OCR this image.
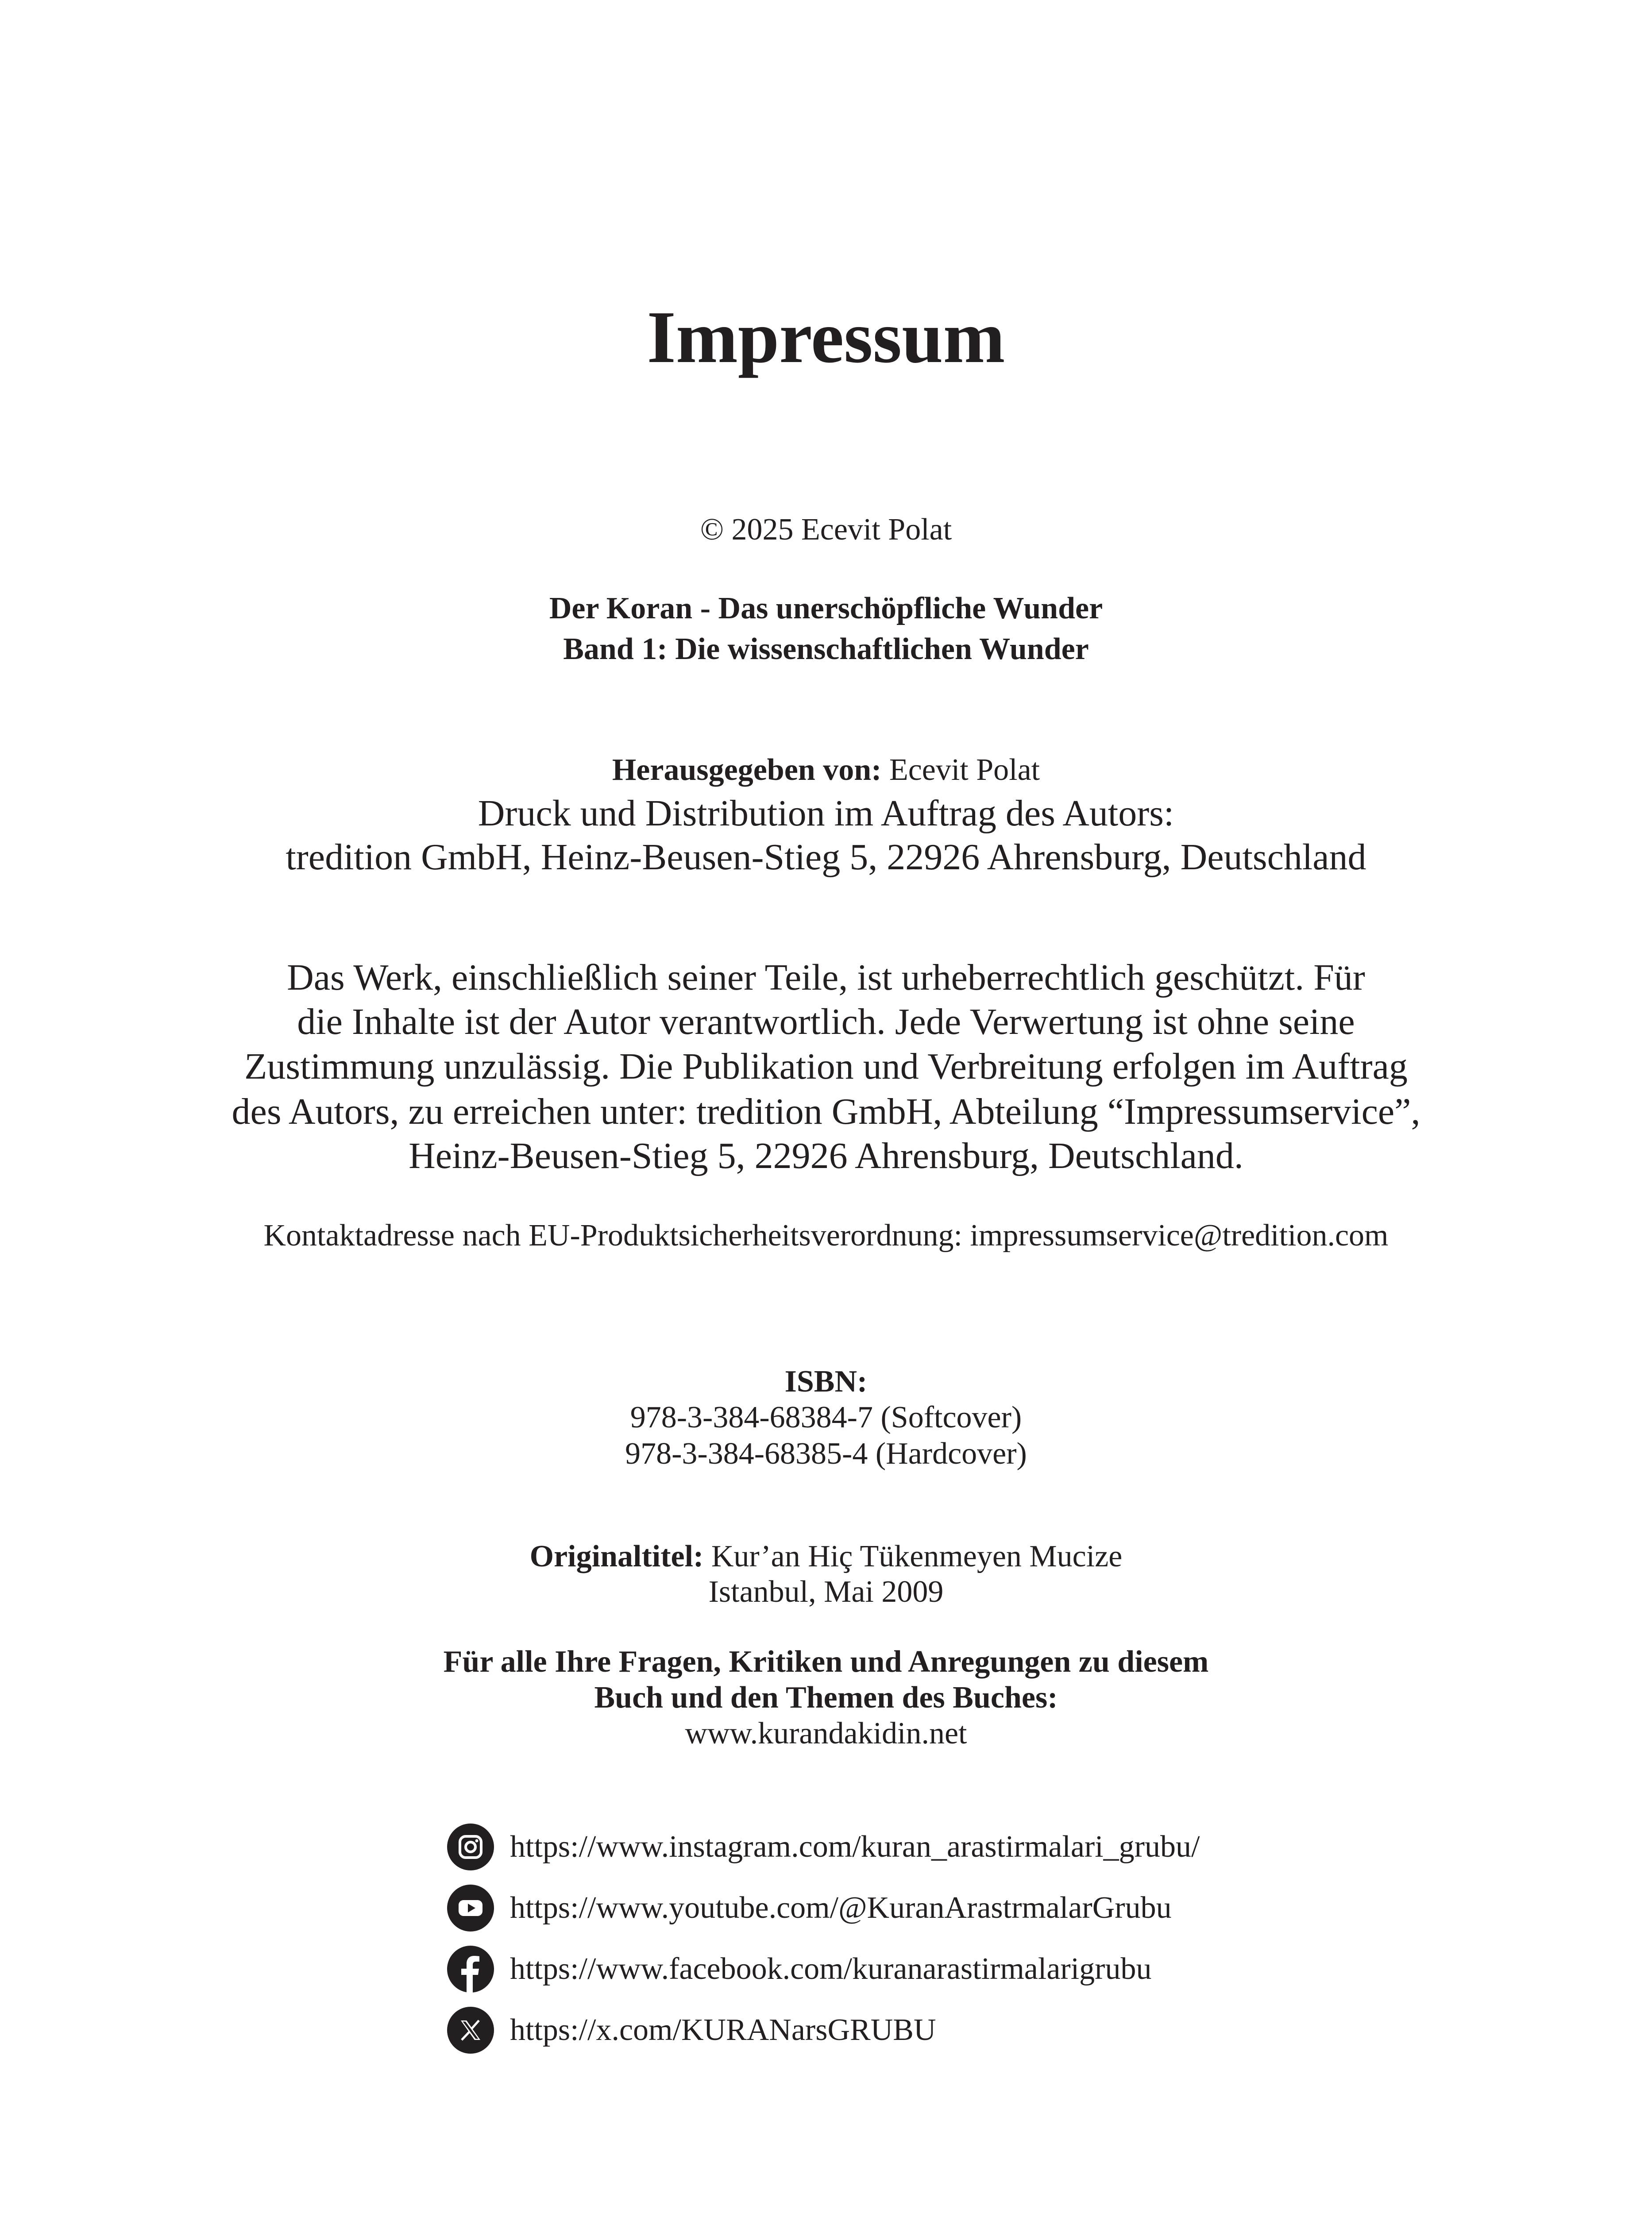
Impressum
© 2025 Ecevit Polat
Der Koran - Das unerschöpfliche Wunder
Band 1: Die wissenschaftlichen Wunder
Herausgegeben von: Ecevit Polat
Druck und Distribution im Auftrag des Autors:
tredition GmbH, Heinz-Beusen-Stieg 5, 22926 Ahrensburg, Deutschland
Das Werk, einschließlich seiner Teile, ist urheberrechtlich geschützt. Für
die Inhalte ist der Autor verantwortlich. Jede Verwertung ist ohne seine
Zustimmung unzulässig. Die Publikation und Verbreitung erfolgen im Auftrag
des Autors, zu erreichen unter: tredition GmbH, Abteilung “Impressumservice”,
Heinz-Beusen-Stieg 5, 22926 Ahrensburg, Deutschland.
Kontaktadresse nach EU-Produktsicherheitsverordnung: impressumservice@tredition.com
ISBN:
978-3-384-68384-7 (Softcover)
978-3-384-68385-4 (Hardcover)
Originaltitel: Kur’an Hiç Tükenmeyen Mucize
Istanbul, Mai 2009
Für alle Ihre Fragen, Kritiken und Anregungen zu diesem
Buch und den Themen des Buches:
www.kurandakidin.net
https://www.instagram.com/kuran_arastirmalari_grubu/
https://www.youtube.com/@KuranArastrmalarGrubu
https://www.facebook.com/kuranarastirmalarigrubu
https://x.com/KURANarsGRUBU
